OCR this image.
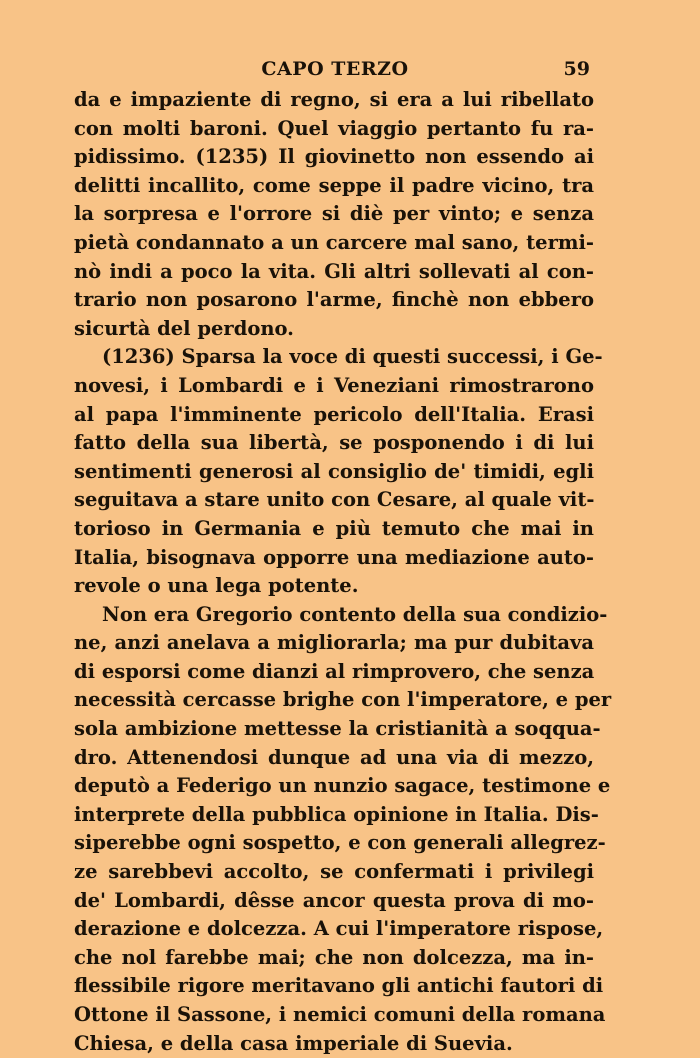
CAPO TERZO	59
da e impaziente di regno, si era a lui ribellato
con molti baroni. Quel viaggio pertanto fu ra-
pidissimo. (1235) Il giovinetto non essendo ai
delitti incallito, come seppe il padre vicino, tra
la sorpresa e l'orrore si diè per vinto; e senza
pietà condannato a un carcere mal sano, termi-
nò indi a poco la vita. Gli altri sollevati al con-
trario non posarono l'arme, finchè non ebbero
sicurtà del perdono.
(1236) Sparsa la voce di questi successi, i Ge-
novesi, i Lombardi e i Veneziani rimostrarono
al papa l'imminente pericolo dell'Italia. Erasi
fatto della sua libertà, se posponendo i di lui
sentimenti generosi al consiglio de' timidi, egli
seguitava a stare unito con Cesare, al quale vit-
torioso in Germania e più temuto che mai in
Italia, bisognava opporre una mediazione auto-
revole o una lega potente.
Non era Gregorio contento della sua condizio-
ne, anzi anelava a migliorarla; ma pur dubitava
di esporsi come dianzi al rimprovero, che senza
necessità cercasse brighe con l'imperatore, e per
sola ambizione mettesse la cristianità a soqqua-
dro. Attenendosi dunque ad una via di mezzo,
deputò a Federigo un nunzio sagace, testimone e
interprete della pubblica opinione in Italia. Dis-
siperebbe ogni sospetto, e con generali allegrez-
ze sarebbevi accolto, se confermati i privilegi
de' Lombardi, dêsse ancor questa prova di mo-
derazione e dolcezza. A cui l'imperatore rispose,
che nol farebbe mai; che non dolcezza, ma in-
flessibile rigore meritavano gli antichi fautori di
Ottone il Sassone, i nemici comuni della romana
Chiesa, e della casa imperiale di Suevia.
